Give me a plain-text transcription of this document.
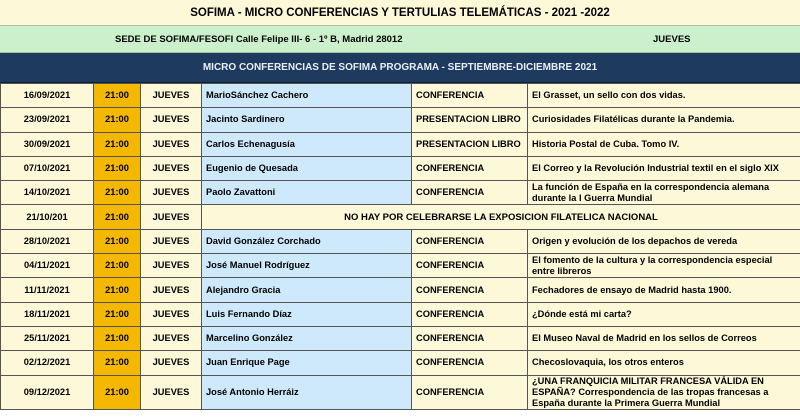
SOFIMA - MICRO CONFERENCIAS Y TERTULIAS TELEMÁTICAS - 2021 -2022
SEDE DE SOFIMA/FESOFI Calle Felipe III- 6 - 1º B, Madrid 28012	JUEVES
MICRO CONFERENCIAS DE SOFIMA PROGRAMA - SEPTIEMBRE-DICIEMBRE 2021
16/09/2021	21:00	JUEVES	MarioSánchez Cachero	CONFERENCIA	El Grasset, un sello con dos vidas.
23/09/2021	21:00	JUEVES	Jacinto Sardinero	PRESENTACION LIBRO	Curiosidades Filatélicas durante la Pandemia.
30/09/2021	21:00	JUEVES	Carlos Echenagusía	PRESENTACION LIBRO	Historia Postal de Cuba. Tomo IV.
07/10/2021	21:00	JUEVES	Eugenio de Quesada	CONFERENCIA	El Correo y la Revolución Industrial textil en el siglo XIX
14/10/2021	21:00	JUEVES	Paolo Zavattoni	CONFERENCIA	La función de España en la correspondencia alemana durante la I Guerra Mundial
21/10/201	21:00	JUEVES	NO HAY POR CELEBRARSE LA EXPOSICION FILATELICA NACIONAL		
28/10/2021	21:00	JUEVES	David González Corchado	CONFERENCIA	Origen y evolución de los depachos de vereda
04/11/2021	21:00	JUEVES	José Manuel Rodríguez	CONFERENCIA	El fomento de la cultura y la correspondencia especial entre libreros
11/11/2021	21:00	JUEVES	Alejandro Gracia	CONFERENCIA	Fechadores de ensayo de Madrid hasta 1900.
18/11/2021	21:00	JUEVES	Luis Fernando Díaz	CONFERENCIA	¿Dónde está mi carta?
25/11/2021	21:00	JUEVES	Marcelino González	CONFERENCIA	El Museo Naval de Madrid en los sellos de Correos
02/12/2021	21:00	JUEVES	Juan Enrique Page	CONFERENCIA	Checoslovaquia, los otros enteros
09/12/2021	21:00	JUEVES	José Antonio Herráiz	CONFERENCIA	¿UNA FRANQUICIA MILITAR FRANCESA VÁLIDA EN ESPAÑA? Correspondencia de las tropas francesas a España durante la Primera Guerra Mundial
